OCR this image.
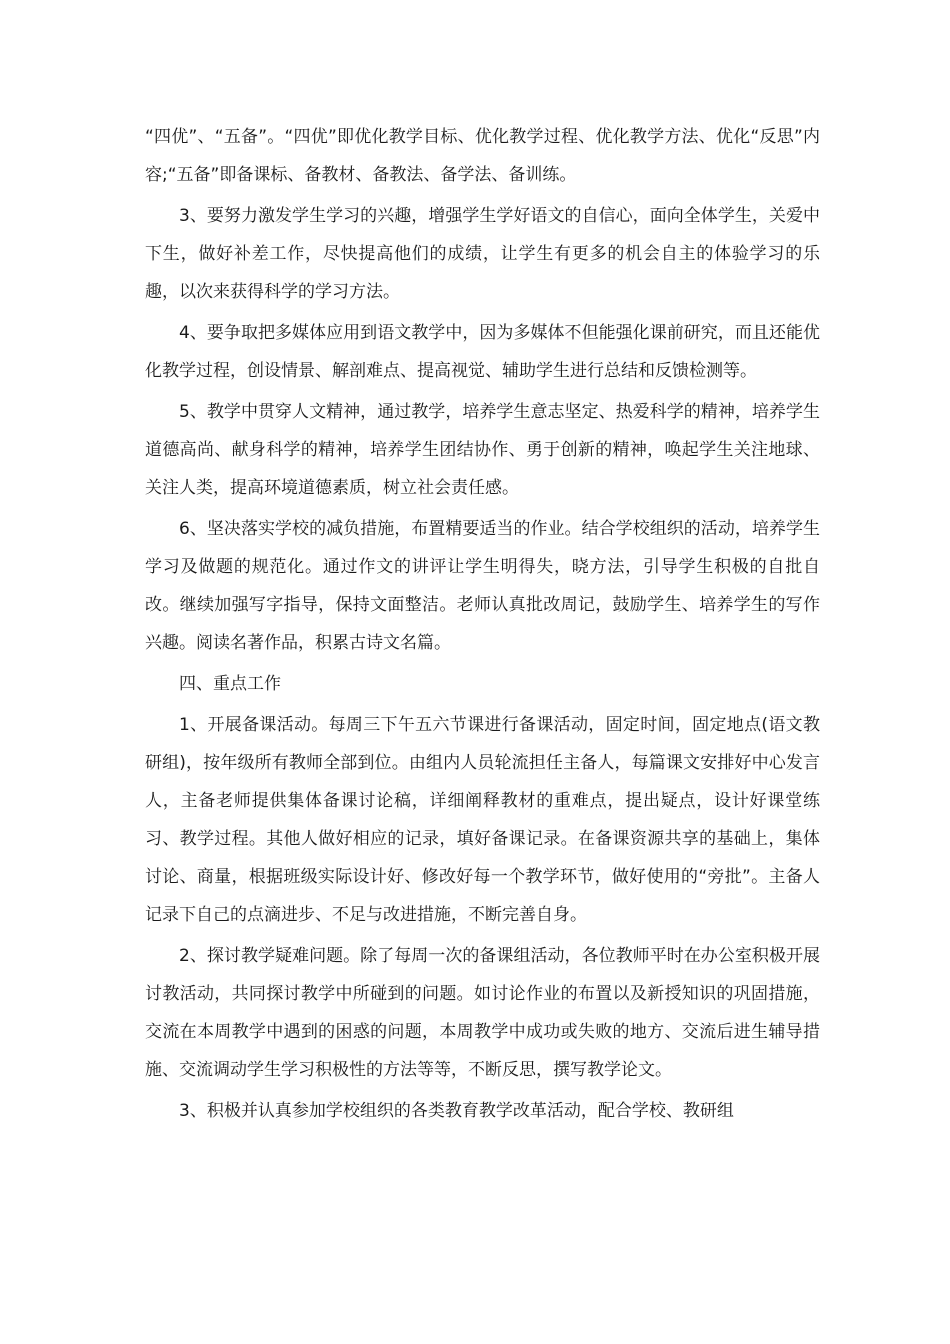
“四优”、“五备”。“四优”即优化教学目标、优化教学过程、优化教学方法、优化“反思”内容;“五备”即备课标、备教材、备教法、备学法、备训练。

3、要努力激发学生学习的兴趣，增强学生学好语文的自信心，面向全体学生，关爱中下生，做好补差工作，尽快提高他们的成绩，让学生有更多的机会自主的体验学习的乐趣，以次来获得科学的学习方法。

4、要争取把多媒体应用到语文教学中，因为多媒体不但能强化课前研究，而且还能优化教学过程，创设情景、解剖难点、提高视觉、辅助学生进行总结和反馈检测等。

5、教学中贯穿人文精神，通过教学，培养学生意志坚定、热爱科学的精神，培养学生道德高尚、献身科学的精神，培养学生团结协作、勇于创新的精神，唤起学生关注地球、关注人类，提高环境道德素质，树立社会责任感。

6、坚决落实学校的减负措施，布置精要适当的作业。结合学校组织的活动，培养学生学习及做题的规范化。通过作文的讲评让学生明得失，晓方法，引导学生积极的自批自改。继续加强写字指导，保持文面整洁。老师认真批改周记，鼓励学生、培养学生的写作兴趣。阅读名著作品，积累古诗文名篇。

四、重点工作

1、开展备课活动。每周三下午五六节课进行备课活动，固定时间，固定地点(语文教研组)，按年级所有教师全部到位。由组内人员轮流担任主备人，每篇课文安排好中心发言人，主备老师提供集体备课讨论稿，详细阐释教材的重难点，提出疑点，设计好课堂练习、教学过程。其他人做好相应的记录，填好备课记录。在备课资源共享的基础上，集体讨论、商量，根据班级实际设计好、修改好每一个教学环节，做好使用的“旁批”。主备人记录下自己的点滴进步、不足与改进措施，不断完善自身。

2、探讨教学疑难问题。除了每周一次的备课组活动，各位教师平时在办公室积极开展讨教活动，共同探讨教学中所碰到的问题。如讨论作业的布置以及新授知识的巩固措施，交流在本周教学中遇到的困惑的问题，本周教学中成功或失败的地方、交流后进生辅导措施、交流调动学生学习积极性的方法等等，不断反思，撰写教学论文。

3、积极并认真参加学校组织的各类教育教学改革活动，配合学校、教研组
